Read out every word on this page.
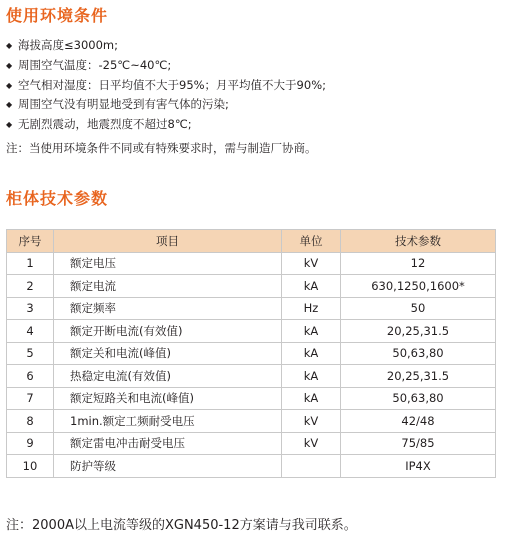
使用环境条件
◆ 海拔高度≤3000m;
◆ 周围空气温度：-25℃~40℃;
◆ 空气相对湿度：日平均值不大于95%；月平均值不大于90%;
◆ 周围空气没有明显地受到有害气体的污染;
◆ 无剧烈震动，地震烈度不超过8℃;
注：当使用环境条件不同或有特殊要求时，需与制造厂协商。
柜体技术参数
序号	项目	单位	技术参数
1	额定电压	kV	12
2	额定电流	kA	630,1250,1600*
3	额定频率	Hz	50
4	额定开断电流(有效值)	kA	20,25,31.5
5	额定关和电流(峰值)	kA	50,63,80
6	热稳定电流(有效值)	kA	20,25,31.5
7	额定短路关和电流(峰值)	kA	50,63,80
8	1min.额定工频耐受电压	kV	42/48
9	额定雷电冲击耐受电压	kV	75/85
10	防护等级		IP4X
注：2000A以上电流等级的XGN450-12方案请与我司联系。
